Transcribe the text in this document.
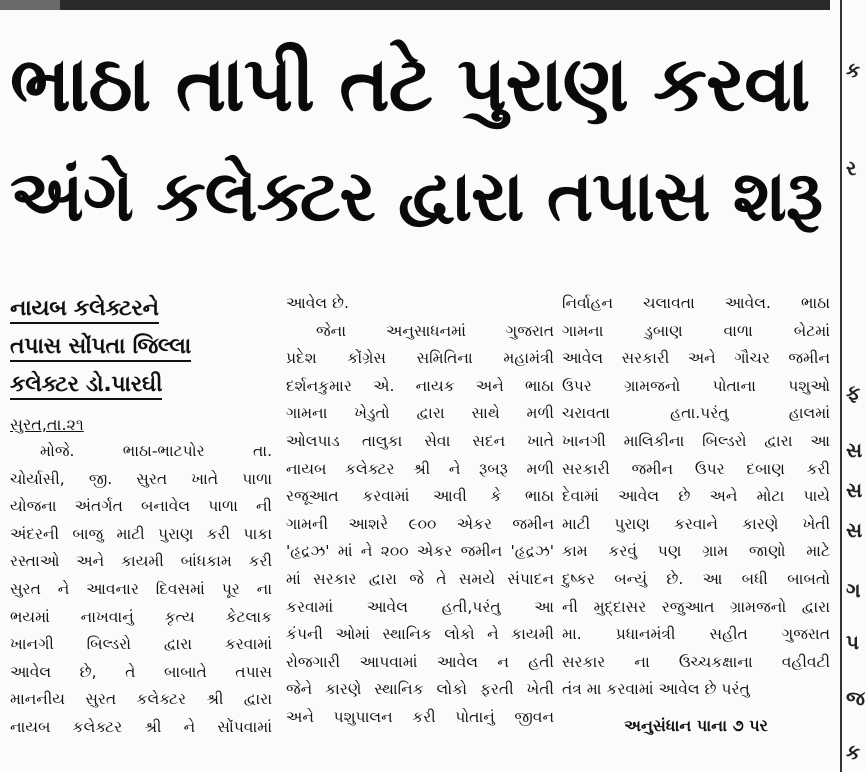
ક
ર
ફ
સ
સ
સ
ગ
પ
જ
ક
ભાઠા તાપી તટે પુરાણ કરવા
અંગે કલેક્ટર દ્વારા તપાસ શરૂ
નાયબ કલેક્ટરને
તપાસ સોંપતા જિલ્લા
કલેક્ટર ડો.પારઘી
સુરત,તા.૨૧
મોજે. ભાઠા-ભાટપોર તા.
ચોર્યાસી, જી. સુરત ખાતે પાળા
યોજના અંતર્ગત બનાવેલ પાળા ની
અંદરની બાજુ માટી પુરાણ કરી પાકા
રસ્તાઓ અને કાયમી બાંધકામ કરી
સુરત ને આવનાર દિવસમાં પૂર ના
ભયમાં નાખવાનું કૃત્ય કેટલાક
ખાનગી બિલ્ડરો દ્વારા કરવામાં
આવેલ છે, તે બાબાતે તપાસ
માનનીય સુરત કલેક્ટર શ્રી દ્વારા
નાયબ કલેક્ટર શ્રી ને સોંપવામાં
આવેલ છે.
જેના અનુસાધનમાં ગુજરાત
પ્રદેશ કોંગ્રેસ સમિતિના મહામંત્રી
દર્શનકુમાર એ. નાયક અને ભાઠા
ગામના ખેડુતો દ્વારા સાથે મળી
ઓલપાડ તાલુકા સેવા સદન ખાતે
નાયબ કલેક્ટર શ્રી ને રૂબરૂ મળી
રજૂઆત કરવામાં આવી કે ભાઠા
ગામની આશરે ૯૦૦ એકર જમીન
'હૃદ્રઝ' માં ને ૨૦૦ એકર જમીન 'હૃદ્રઝ'
માં સરકાર દ્વારા જે તે સમયે સંપાદન
કરવામાં આવેલ હતી,પરંતુ આ
કંપની ઓમાં સ્થાનિક લોકો ને કાયમી
રોજગારી આપવામાં આવેલ ન હતી
જેને કારણે સ્થાનિક લોકો ફરતી ખેતી
અને પશુપાલન કરી પોતાનું જીવન
નિર્વાહન ચલાવતા આવેલ. ભાઠા
ગામના ડુબાણ વાળા બેટમાં
આવેલ સરકારી અને ગૌચર જમીન
ઉપર ગ્રામજનો પોતાના પશુઓ
ચરાવતા હતા.પરંતુ હાલમાં
ખાનગી માલિકીના બિલ્ડરો દ્વારા આ
સરકારી જમીન ઉપર દબાણ કરી
દેવામાં આવેલ છે અને મોટા પાયે
માટી પુરાણ કરવાને કારણે ખેતી
કામ કરવું પણ ગ્રામ જાણો માટે
દુષ્કર બન્યું છે. આ બધી બાબતો
ની મુદ્દાસર રજુઆત ગ્રામજનો દ્વારા
મા. પ્રધાનમંત્રી સહીત ગુજરાત
સરકાર ના ઉચ્ચકક્ષાના વહીવટી
તંત્ર મા કરવામાં આવેલ છે પરંતુ
અનુસંધાન પાના ૭ પર
